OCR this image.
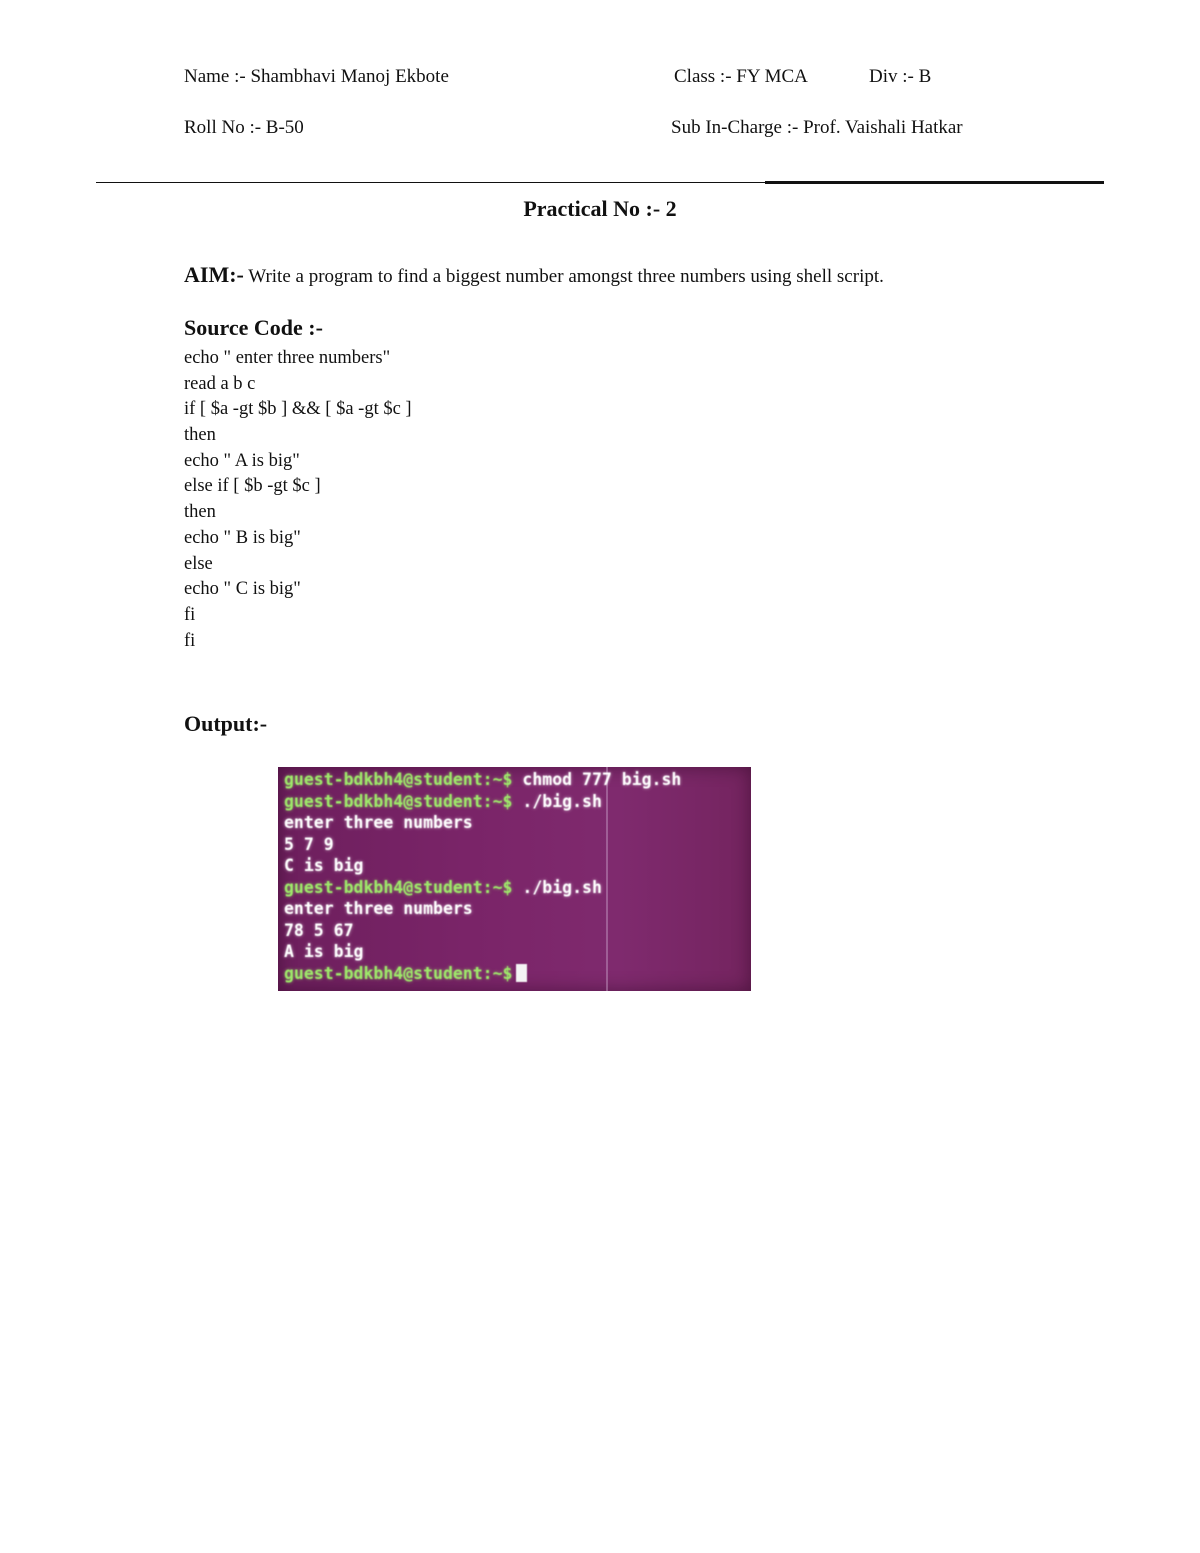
Name :- Shambhavi Manoj Ekbote	Class :- FY MCA	Div :- B
Roll No :- B-50	Sub In-Charge :- Prof. Vaishali Hatkar
Practical No :- 2
AIM:- Write a program to find a biggest number amongst three numbers using shell script.
Source Code :-
echo " enter three numbers"
read a b c
if [ $a -gt $b ] && [ $a -gt $c ]
then
echo " A is big"
else if [ $b -gt $c ]
then
echo " B is big"
else
echo " C is big"
fi
fi
Output:-
guest-bdkbh4@student:~$ chmod 777 big.sh
guest-bdkbh4@student:~$ ./big.sh
enter three numbers
5 7 9
C is big
guest-bdkbh4@student:~$ ./big.sh
enter three numbers
78 5 67
A is big
guest-bdkbh4@student:~$
